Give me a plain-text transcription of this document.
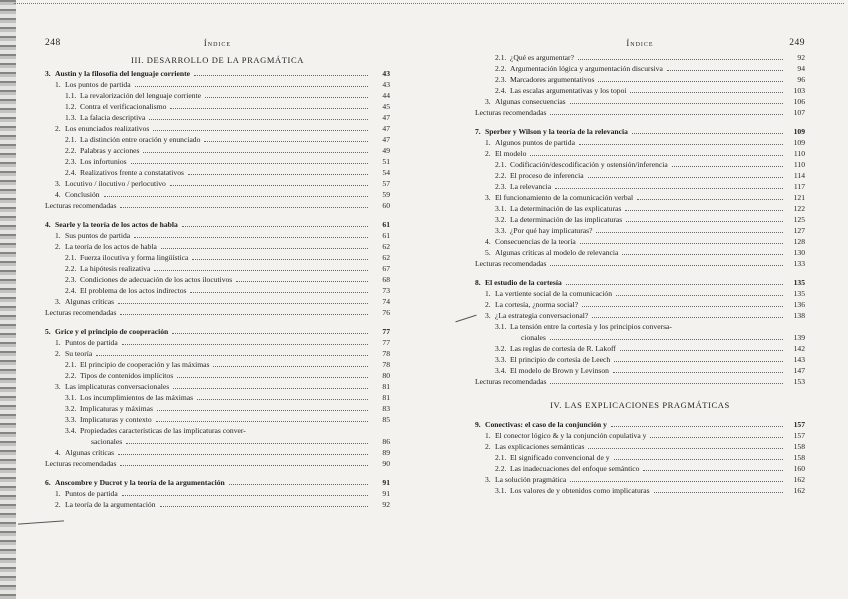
248	Índice
III. DESARROLLO DE LA PRAGMÁTICA
3. Austin y la filosofía del lenguaje corriente	43
1. Los puntos de partida	43
1.1. La revalorización del lenguaje corriente	44
1.2. Contra el verificacionalismo	45
1.3. La falacia descriptiva	47
2. Los enunciados realizativos	47
2.1. La distinción entre oración y enunciado	47
2.2. Palabras y acciones	49
2.3. Los infortunios	51
2.4. Realizativos frente a constatativos	54
3. Locutivo / ilocutivo / perlocutivo	57
4. Conclusión	59
Lecturas recomendadas	60
4. Searle y la teoría de los actos de habla	61
1. Sus puntos de partida	61
2. La teoría de los actos de habla	62
2.1. Fuerza ilocutiva y forma lingüística	62
2.2. La hipótesis realizativa	67
2.3. Condiciones de adecuación de los actos ilocutivos	68
2.4. El problema de los actos indirectos	73
3. Algunas críticas	74
Lecturas recomendadas	76
5. Grice y el principio de cooperación	77
1. Puntos de partida	77
2. Su teoría	78
2.1. El principio de cooperación y las máximas	78
2.2. Tipos de contenidos implícitos	80
3. Las implicaturas conversacionales	81
3.1. Los incumplimientos de las máximas	81
3.2. Implicaturas y máximas	83
3.3. Implicaturas y contexto	85
3.4. Propiedades características de las implicaturas conver-
sacionales	86
4. Algunas críticas	89
Lecturas recomendadas	90
6. Anscombre y Ducrot y la teoría de la argumentación	91
1. Puntos de partida	91
2. La teoría de la argumentación	92
Índice	249
2.1. ¿Qué es argumentar?	92
2.2. Argumentación lógica y argumentación discursiva	94
2.3. Marcadores argumentativos	96
2.4. Las escalas argumentativas y los topoi	103
3. Algunas consecuencias	106
Lecturas recomendadas	107
7. Sperber y Wilson y la teoría de la relevancia	109
1. Algunos puntos de partida	109
2. El modelo	110
2.1. Codificación/descodificación y ostensión/inferencia	110
2.2. El proceso de inferencia	114
2.3. La relevancia	117
3. El funcionamiento de la comunicación verbal	121
3.1. La determinación de las explicaturas	122
3.2. La determinación de las implicaturas	125
3.3. ¿Por qué hay implicaturas?	127
4. Consecuencias de la teoría	128
5. Algunas críticas al modelo de relevancia	130
Lecturas recomendadas	133
8. El estudio de la cortesía	135
1. La vertiente social de la comunicación	135
2. La cortesía, ¿norma social?	136
3. ¿La estrategia conversacional?	138
3.1. La tensión entre la cortesía y los principios conversa-
cionales	139
3.2. Las reglas de cortesía de R. Lakoff	142
3.3. El principio de cortesía de Leech	143
3.4. El modelo de Brown y Levinson	147
Lecturas recomendadas	153
IV. LAS EXPLICACIONES PRAGMÁTICAS
9. Conectivas: el caso de la conjunción y	157
1. El conector lógico & y la conjunción copulativa y	157
2. Las explicaciones semánticas	158
2.1. El significado convencional de y	158
2.2. Las inadecuaciones del enfoque semántico	160
3. La solución pragmática	162
3.1. Los valores de y obtenidos como implicaturas	162
